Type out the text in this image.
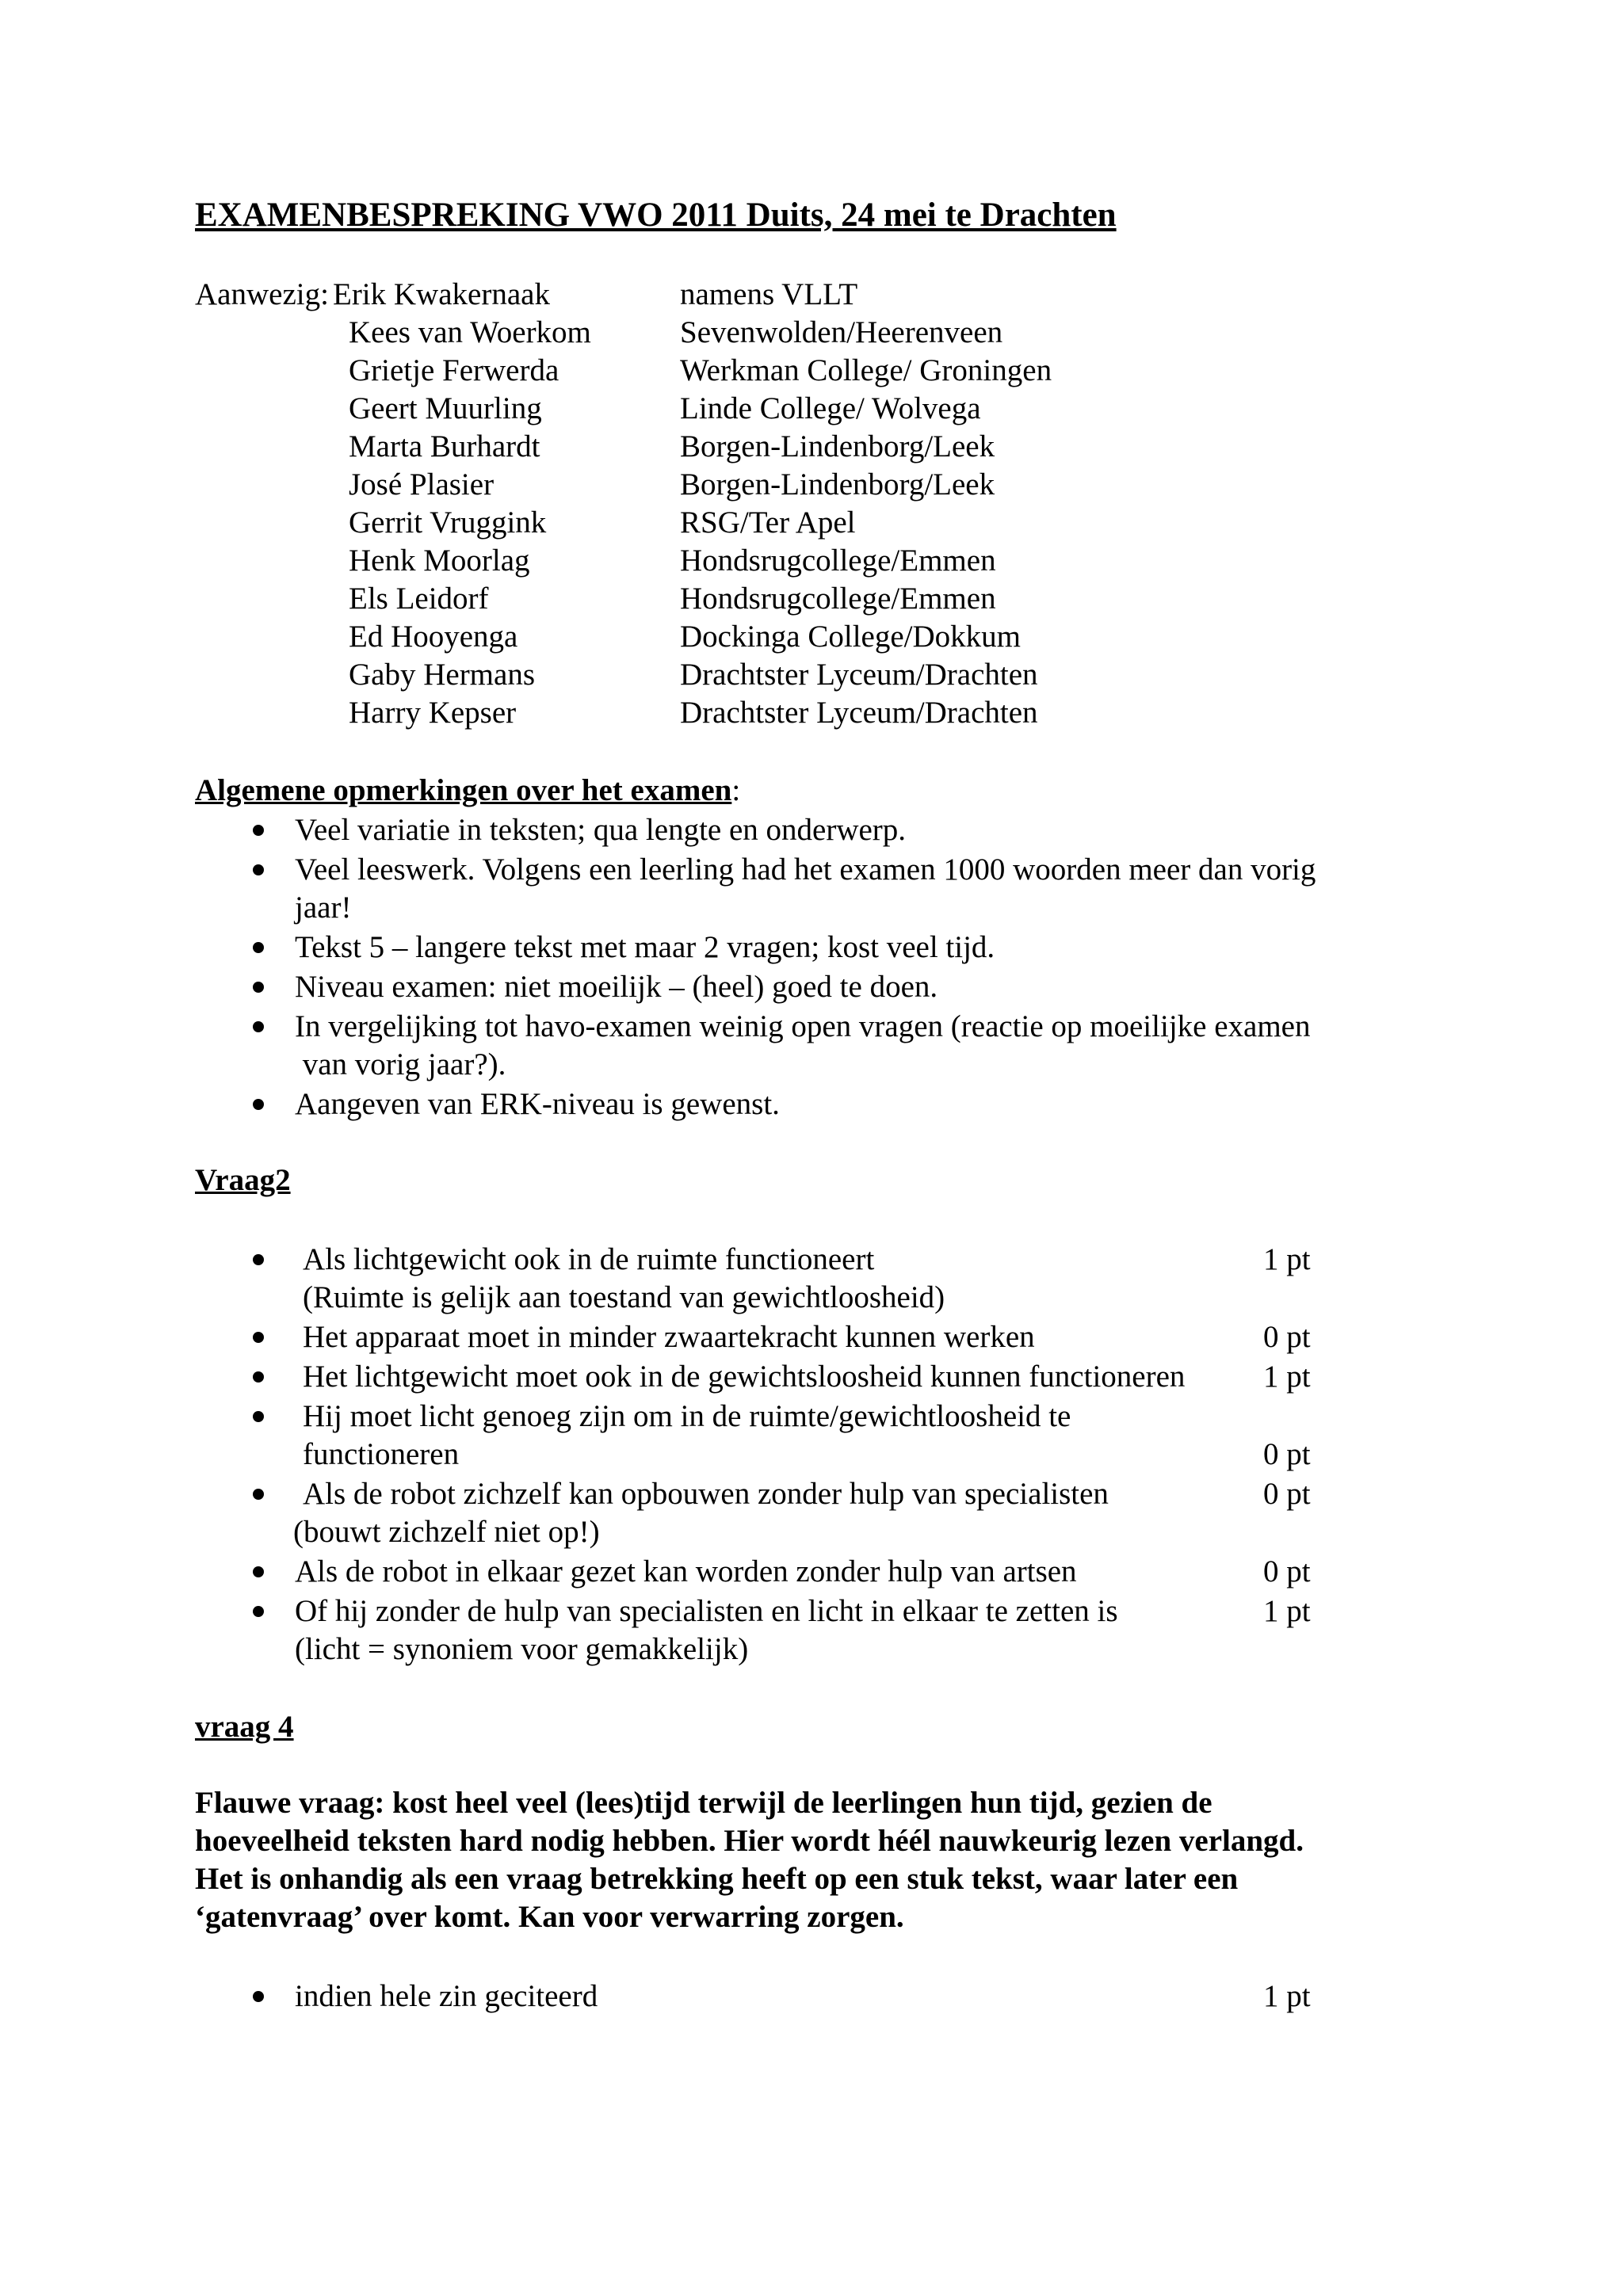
EXAMENBESPREKING VWO 2011 Duits, 24 mei te Drachten
Aanwezig: Erik Kwakernaak	namens VLLT
Kees van Woerkom	Sevenwolden/Heerenveen
Grietje Ferwerda	Werkman College/ Groningen
Geert Muurling	Linde College/ Wolvega
Marta Burhardt	Borgen-Lindenborg/Leek
José Plasier	Borgen-Lindenborg/Leek
Gerrit Vruggink	RSG/Ter Apel
Henk Moorlag	Hondsrugcollege/Emmen
Els Leidorf	Hondsrugcollege/Emmen
Ed Hooyenga	Dockinga College/Dokkum
Gaby Hermans	Drachtster Lyceum/Drachten
Harry Kepser	Drachtster Lyceum/Drachten
Algemene opmerkingen over het examen:
Veel variatie in teksten; qua lengte en onderwerp.
Veel leeswerk. Volgens een leerling had het examen 1000 woorden meer dan vorig
jaar!
Tekst 5 – langere tekst met maar 2 vragen; kost veel tijd.
Niveau examen: niet moeilijk – (heel) goed te doen.
In vergelijking tot havo-examen weinig open vragen (reactie op moeilijke examen
van vorig jaar?).
Aangeven van ERK-niveau is gewenst.
Vraag2
Als lichtgewicht ook in de ruimte functioneert	1 pt
(Ruimte is gelijk aan toestand van gewichtloosheid)
Het apparaat moet in minder zwaartekracht kunnen werken	0 pt
Het lichtgewicht moet ook in de gewichtsloosheid kunnen functioneren	1 pt
Hij moet licht genoeg zijn om in de ruimte/gewichtloosheid te
functioneren	0 pt
Als de robot zichzelf kan opbouwen zonder hulp van specialisten	0 pt
(bouwt zichzelf niet op!)
Als de robot in elkaar gezet kan worden zonder hulp van artsen	0 pt
Of hij zonder de hulp van specialisten en licht in elkaar te zetten is	1 pt
(licht = synoniem voor gemakkelijk)
vraag 4
Flauwe vraag: kost heel veel (lees)tijd terwijl de leerlingen hun tijd, gezien de
hoeveelheid teksten hard nodig hebben. Hier wordt héél nauwkeurig lezen verlangd.
Het is onhandig als een vraag betrekking heeft op een stuk tekst, waar later een
‘gatenvraag’ over komt. Kan voor verwarring zorgen.
indien hele zin geciteerd	1 pt
